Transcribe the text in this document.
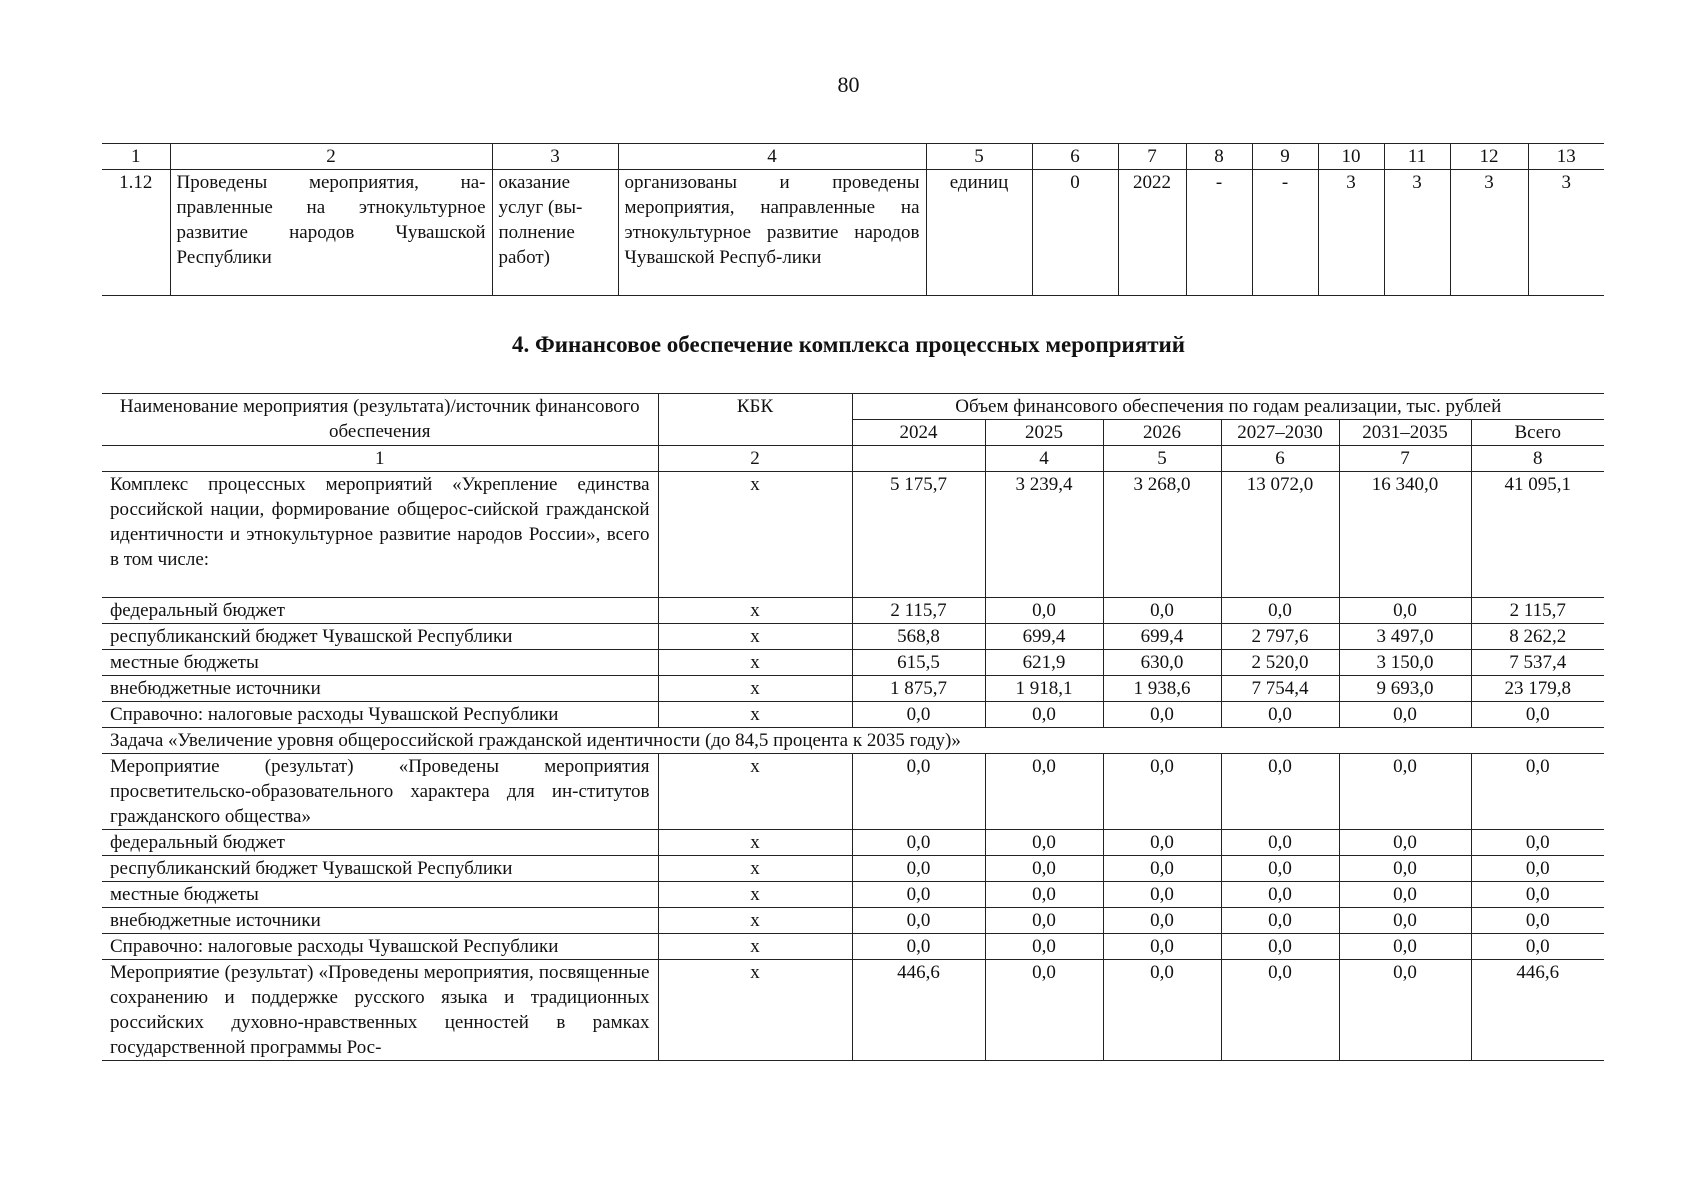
80
1	2	3	4	5	6	7	8	9	10	11	12	13
1.12	Проведены мероприятия, на-правленные на этнокультурное развитие народов Чувашской Республики	оказание услуг (вы-полнение работ)	организованы и проведены мероприятия, направленные на этнокультурное развитие народов Чувашской Респуб-лики	единиц	0	2022	-	-	3	3	3	3
4. Финансовое обеспечение комплекса процессных мероприятий
Наименование мероприятия (результата)/источник финансового обеспечения	КБК	Объем финансового обеспечения по годам реализации, тыс. рублей					
		2024	2025	2026	2027–2030	2031–2035	Всего
1	2		4	5	6	7	8
Комплекс процессных мероприятий «Укрепление единства российской нации, формирование общерос-сийской гражданской идентичности и этнокультурное развитие народов России», всего в том числе:	х	5 175,7	3 239,4	3 268,0	13 072,0	16 340,0	41 095,1
федеральный бюджет	х	2 115,7	0,0	0,0	0,0	0,0	2 115,7
республиканский бюджет Чувашской Республики	х	568,8	699,4	699,4	2 797,6	3 497,0	8 262,2
местные бюджеты	х	615,5	621,9	630,0	2 520,0	3 150,0	7 537,4
внебюджетные источники	х	1 875,7	1 918,1	1 938,6	7 754,4	9 693,0	23 179,8
Справочно: налоговые расходы Чувашской Республики	х	0,0	0,0	0,0	0,0	0,0	0,0
Задача «Увеличение уровня общероссийской гражданской идентичности (до 84,5 процента к 2035 году)»							
Мероприятие (результат) «Проведены мероприятия просветительско-образовательного характера для ин-ститутов гражданского общества»	х	0,0	0,0	0,0	0,0	0,0	0,0
федеральный бюджет	х	0,0	0,0	0,0	0,0	0,0	0,0
республиканский бюджет Чувашской Республики	х	0,0	0,0	0,0	0,0	0,0	0,0
местные бюджеты	х	0,0	0,0	0,0	0,0	0,0	0,0
внебюджетные источники	х	0,0	0,0	0,0	0,0	0,0	0,0
Справочно: налоговые расходы Чувашской Республики	х	0,0	0,0	0,0	0,0	0,0	0,0
Мероприятие (результат) «Проведены мероприятия, посвященные сохранению и поддержке русского языка и традиционных российских духовно-нравственных ценностей в рамках государственной программы Рос-	х	446,6	0,0	0,0	0,0	0,0	446,6
